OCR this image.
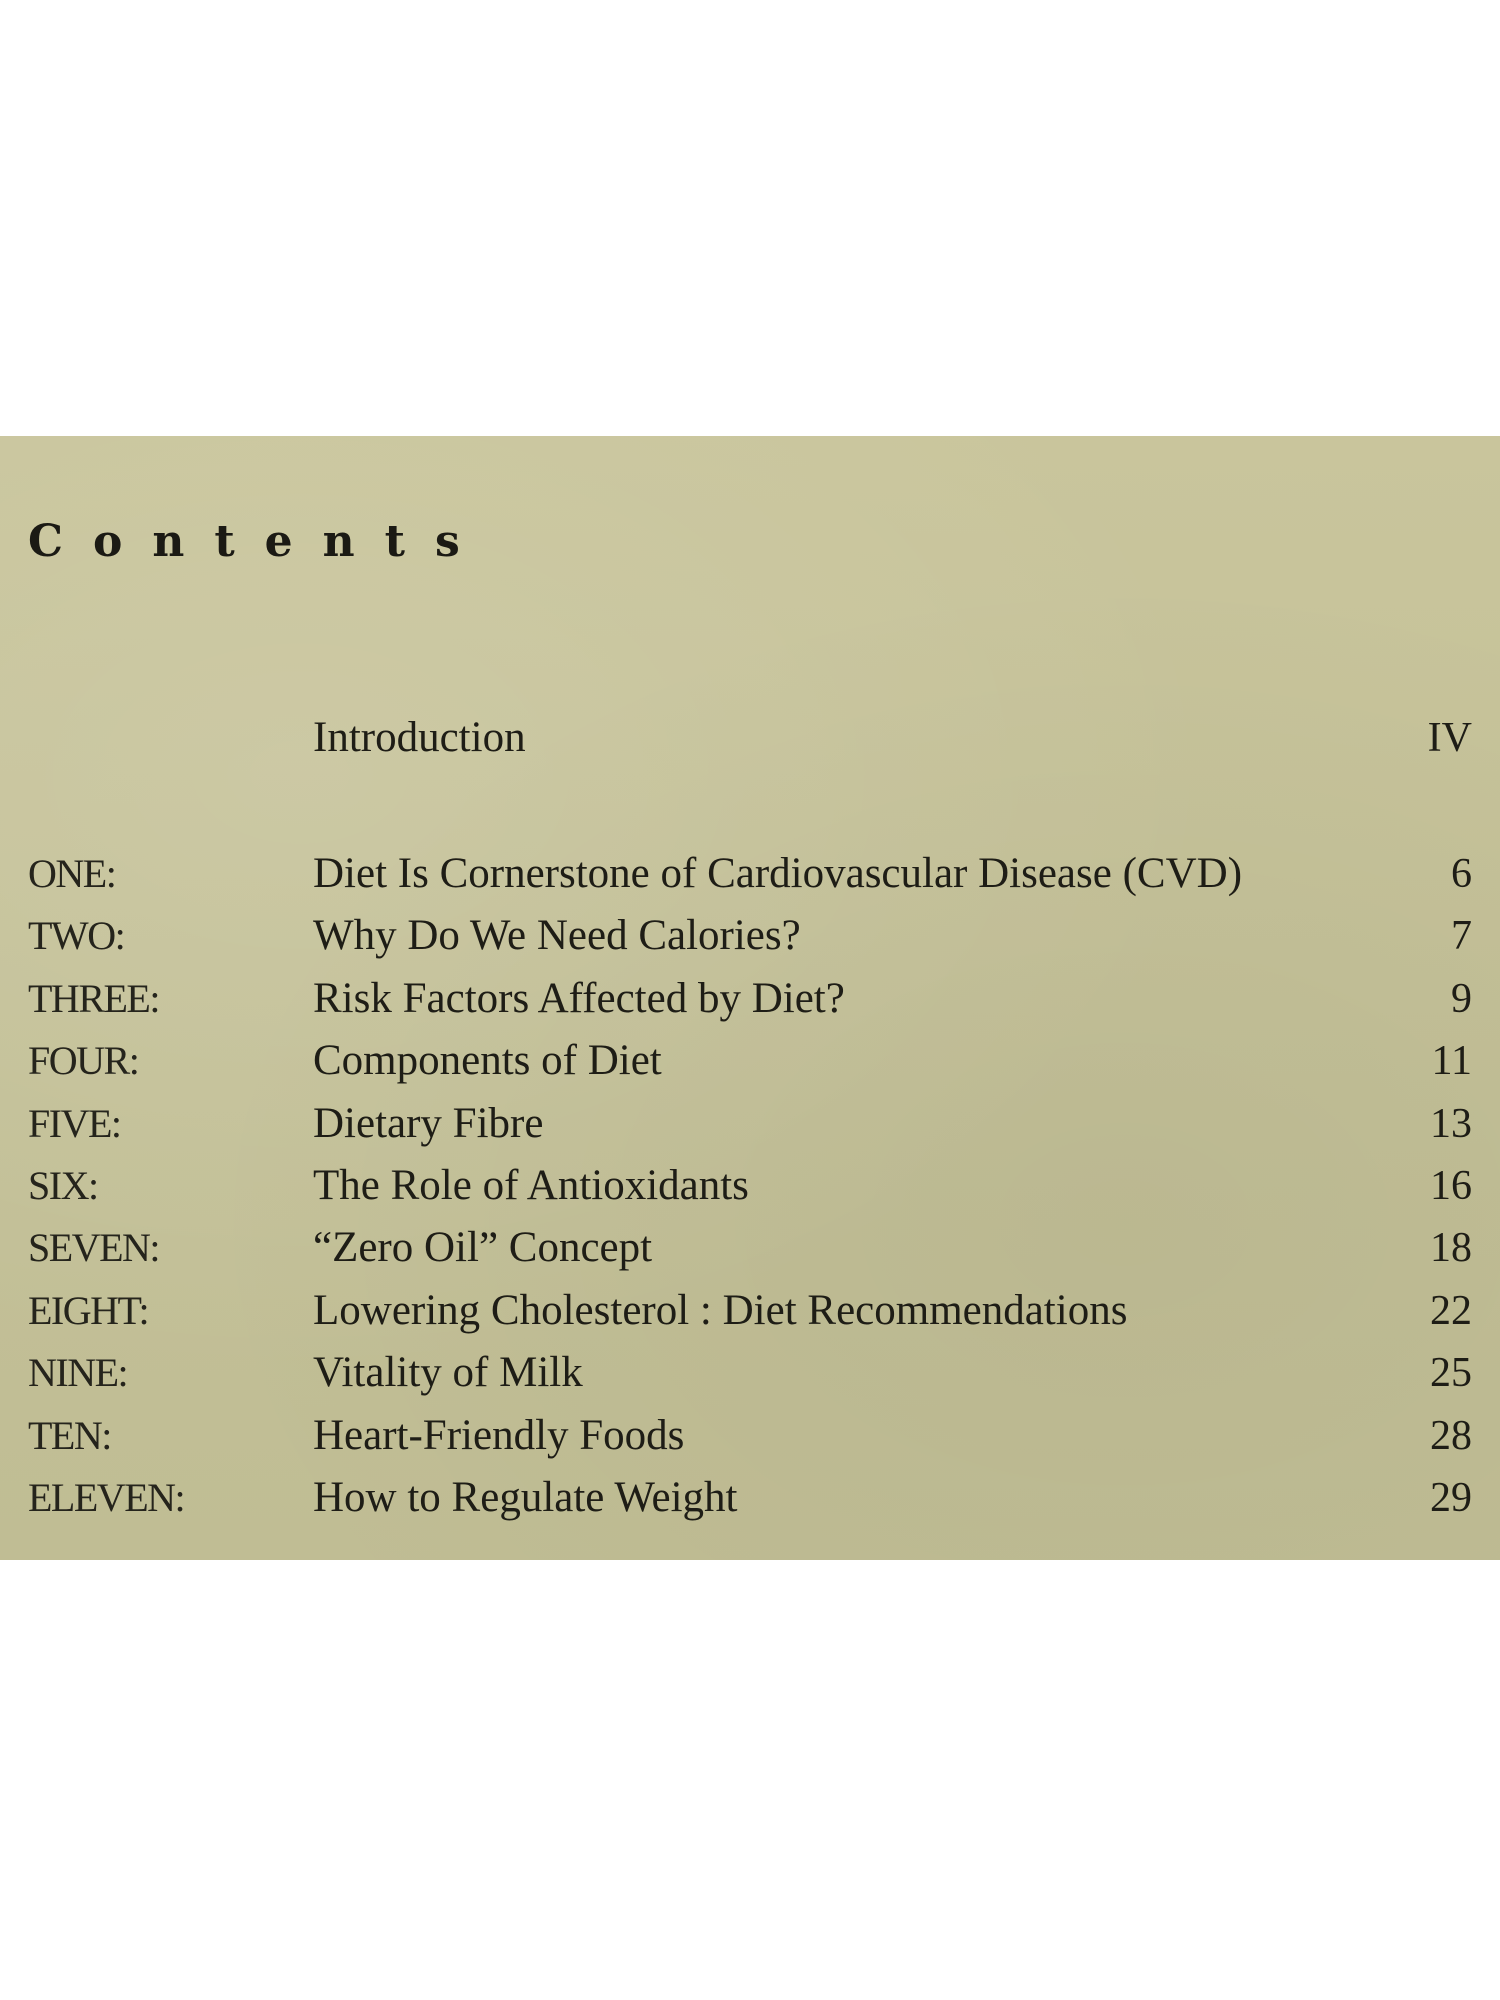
Contents
Introduction	IV
ONE:	Diet Is Cornerstone of Cardiovascular Disease (CVD)	6
TWO:	Why Do We Need Calories?	7
THREE:	Risk Factors Affected by Diet?	9
FOUR:	Components of Diet	11
FIVE:	Dietary Fibre	13
SIX:	The Role of Antioxidants	16
SEVEN:	“Zero Oil” Concept	18
EIGHT:	Lowering Cholesterol : Diet Recommendations	22
NINE:	Vitality of Milk	25
TEN:	Heart-Friendly Foods	28
ELEVEN:	How to Regulate Weight	29
